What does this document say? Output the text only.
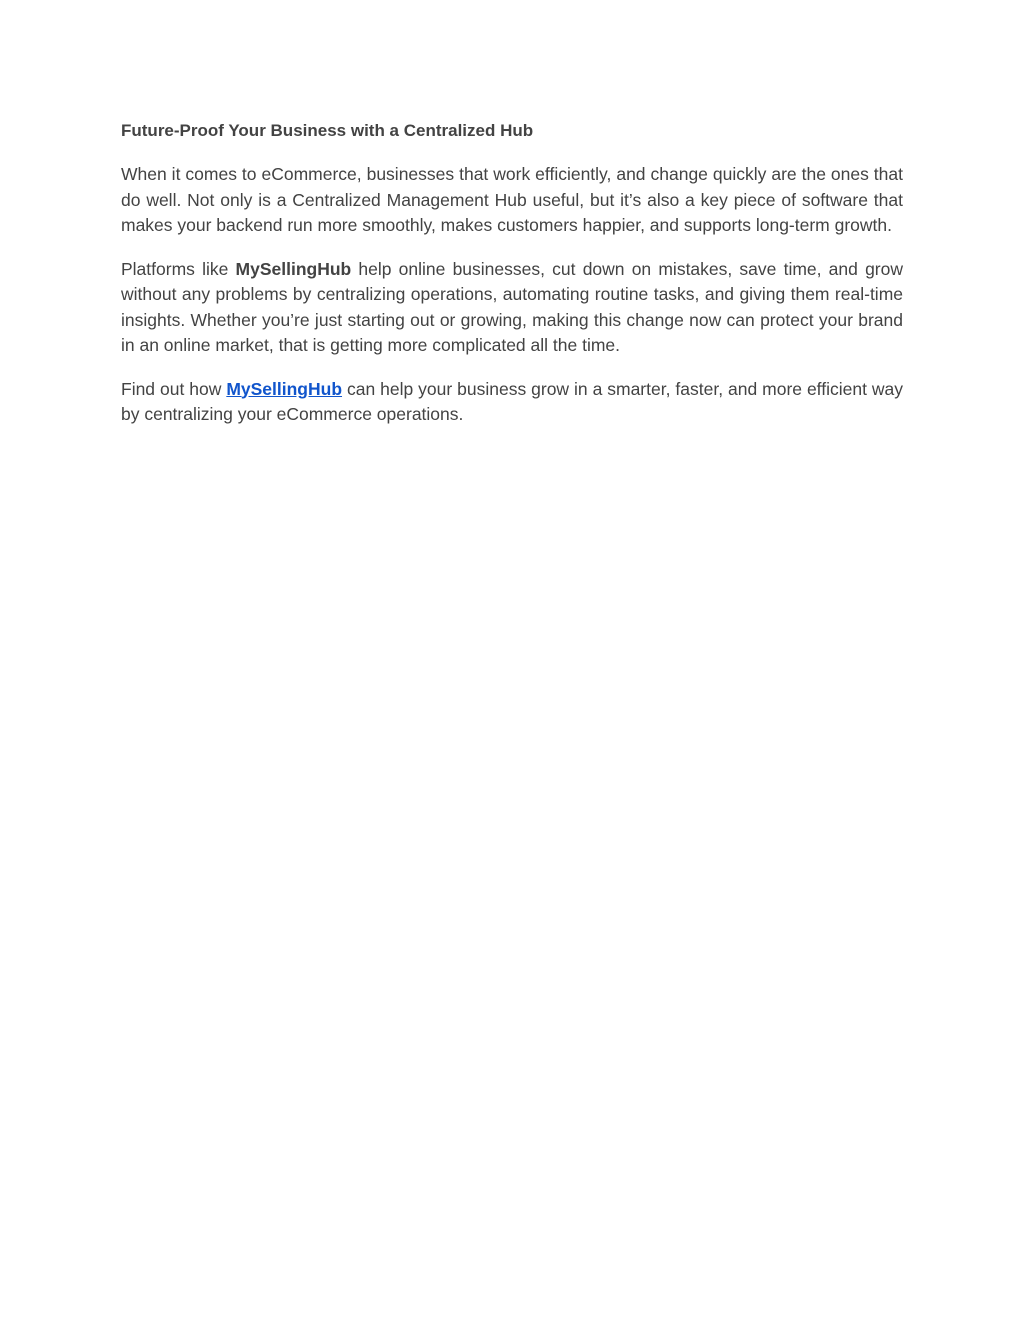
Future-Proof Your Business with a Centralized Hub

When it comes to eCommerce, businesses that work efficiently, and change quickly are the ones that do well. Not only is a Centralized Management Hub useful, but it’s also a key piece of software that makes your backend run more smoothly, makes customers happier, and supports long-term growth.

Platforms like MySellingHub help online businesses, cut down on mistakes, save time, and grow without any problems by centralizing operations, automating routine tasks, and giving them real-time insights. Whether you’re just starting out or growing, making this change now can protect your brand in an online market, that is getting more complicated all the time.

Find out how MySellingHub can help your business grow in a smarter, faster, and more efficient way by centralizing your eCommerce operations.
